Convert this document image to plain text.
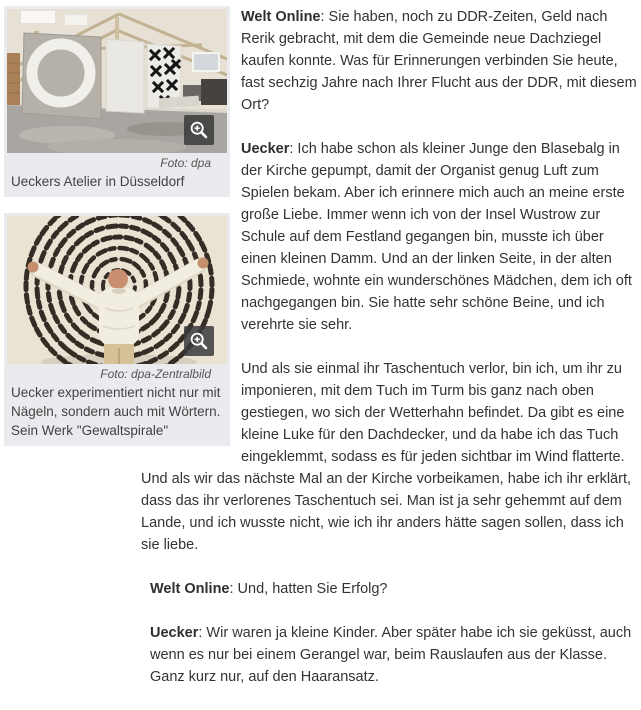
Foto: dpa
Ueckers Atelier in Düsseldorf
Foto: dpa-Zentralbild
Uecker experimentiert nicht nur mit Nägeln, sondern auch mit Wörtern. Sein Werk "Gewaltspirale"

Welt Online: Sie haben, noch zu DDR-Zeiten, Geld nach Rerik gebracht, mit dem die Gemeinde neue Dachziegel kaufen konnte. Was für Erinnerungen verbinden Sie heute, fast sechzig Jahre nach Ihrer Flucht aus der DDR, mit diesem Ort?

Uecker: Ich habe schon als kleiner Junge den Blasebalg in der Kirche gepumpt, damit der Organist genug Luft zum Spielen bekam. Aber ich erinnere mich auch an meine erste große Liebe. Immer wenn ich von der Insel Wustrow zur Schule auf dem Festland gegangen bin, musste ich über einen kleinen Damm. Und an der linken Seite, in der alten Schmiede, wohnte ein wunderschönes Mädchen, dem ich oft nachgegangen bin. Sie hatte sehr schöne Beine, und ich verehrte sie sehr.

Und als sie einmal ihr Taschentuch verlor, bin ich, um ihr zu imponieren, mit dem Tuch im Turm bis ganz nach oben gestiegen, wo sich der Wetterhahn befindet. Da gibt es eine kleine Luke für den Dachdecker, und da habe ich das Tuch eingeklemmt, sodass es für jeden sichtbar im Wind flatterte. Und als wir das nächste Mal an der Kirche vorbeikamen, habe ich ihr erklärt, dass das ihr verlorenes Taschentuch sei. Man ist ja sehr gehemmt auf dem Lande, und ich wusste nicht, wie ich ihr anders hätte sagen sollen, dass ich sie liebe.

Welt Online: Und, hatten Sie Erfolg?

Uecker: Wir waren ja kleine Kinder. Aber später habe ich sie geküsst, auch wenn es nur bei einem Gerangel war, beim Rauslaufen aus der Klasse. Ganz kurz nur, auf den Haaransatz.
